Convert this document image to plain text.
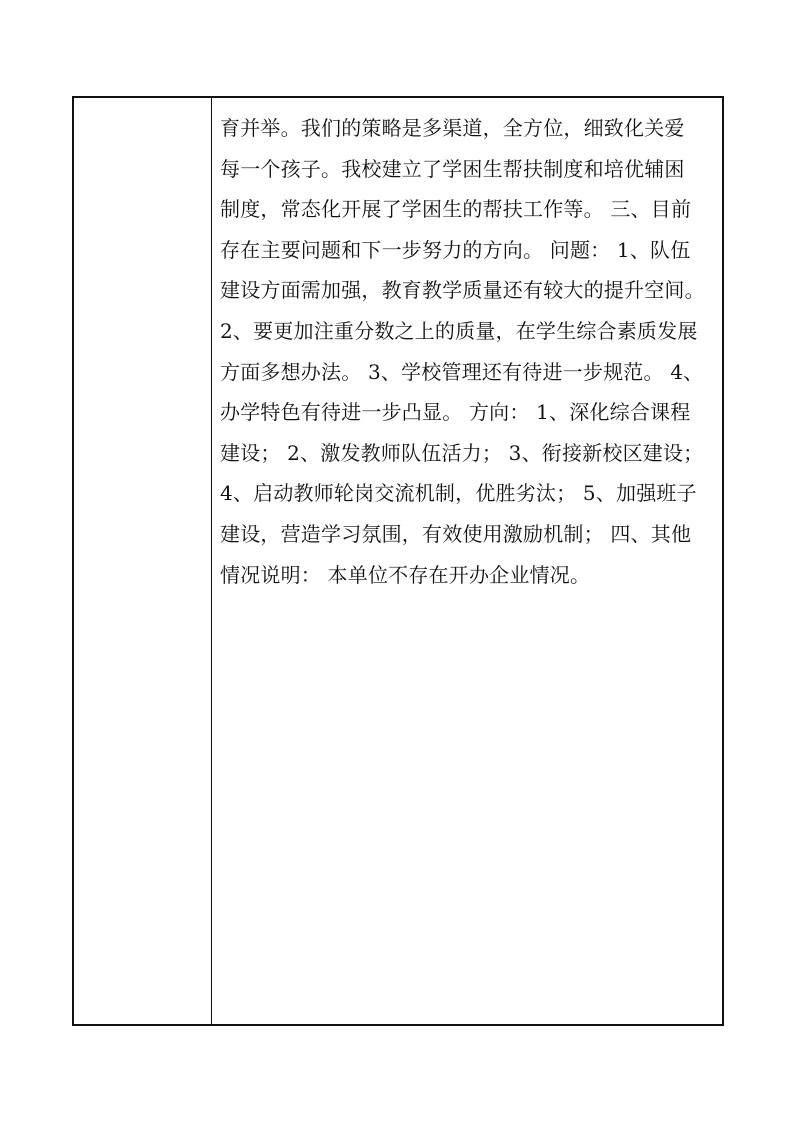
育并举。我们的策略是多渠道，全方位，细致化关爱
每一个孩子。我校建立了学困生帮扶制度和培优辅困
制度，常态化开展了学困生的帮扶工作等。 三、目前
存在主要问题和下一步努力的方向。 问题： 1、队伍
建设方面需加强，教育教学质量还有较大的提升空间。
2、要更加注重分数之上的质量，在学生综合素质发展
方面多想办法。 3、学校管理还有待进一步规范。 4、
办学特色有待进一步凸显。 方向： 1、深化综合课程
建设； 2、激发教师队伍活力； 3、衔接新校区建设；
4、启动教师轮岗交流机制，优胜劣汰； 5、加强班子
建设，营造学习氛围，有效使用激励机制； 四、其他
情况说明： 本单位不存在开办企业情况。
